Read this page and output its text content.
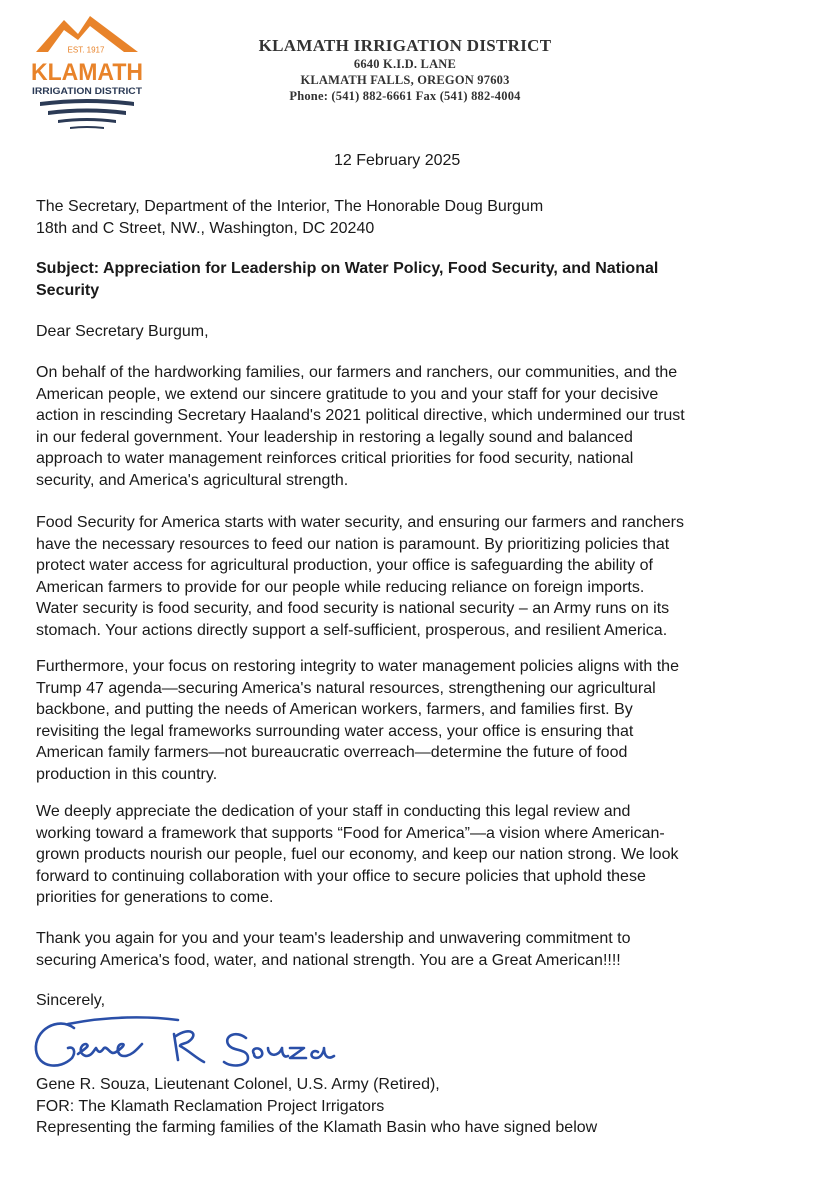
EST. 1917
KLAMATH
IRRIGATION DISTRICT
KLAMATH IRRIGATION DISTRICT
6640 K.I.D. LANE
KLAMATH FALLS, OREGON 97603
Phone: (541) 882-6661 Fax (541) 882-4004
12 February 2025
The Secretary, Department of the Interior, The Honorable Doug Burgum
18th and C Street, NW., Washington, DC 20240
Subject: Appreciation for Leadership on Water Policy, Food Security, and National
Security
Dear Secretary Burgum,
On behalf of the hardworking families, our farmers and ranchers, our communities, and the
American people, we extend our sincere gratitude to you and your staff for your decisive
action in rescinding Secretary Haaland's 2021 political directive, which undermined our trust
in our federal government. Your leadership in restoring a legally sound and balanced
approach to water management reinforces critical priorities for food security, national
security, and America's agricultural strength.
Food Security for America starts with water security, and ensuring our farmers and ranchers
have the necessary resources to feed our nation is paramount. By prioritizing policies that
protect water access for agricultural production, your office is safeguarding the ability of
American farmers to provide for our people while reducing reliance on foreign imports.
Water security is food security, and food security is national security – an Army runs on its
stomach. Your actions directly support a self-sufficient, prosperous, and resilient America.
Furthermore, your focus on restoring integrity to water management policies aligns with the
Trump 47 agenda—securing America's natural resources, strengthening our agricultural
backbone, and putting the needs of American workers, farmers, and families first. By
revisiting the legal frameworks surrounding water access, your office is ensuring that
American family farmers—not bureaucratic overreach—determine the future of food
production in this country.
We deeply appreciate the dedication of your staff in conducting this legal review and
working toward a framework that supports “Food for America”—a vision where American-
grown products nourish our people, fuel our economy, and keep our nation strong. We look
forward to continuing collaboration with your office to secure policies that uphold these
priorities for generations to come.
Thank you again for you and your team's leadership and unwavering commitment to
securing America's food, water, and national strength. You are a Great American!!!!
Sincerely,
Gene R. Souza, Lieutenant Colonel, U.S. Army (Retired),
FOR: The Klamath Reclamation Project Irrigators
Representing the farming families of the Klamath Basin who have signed below
